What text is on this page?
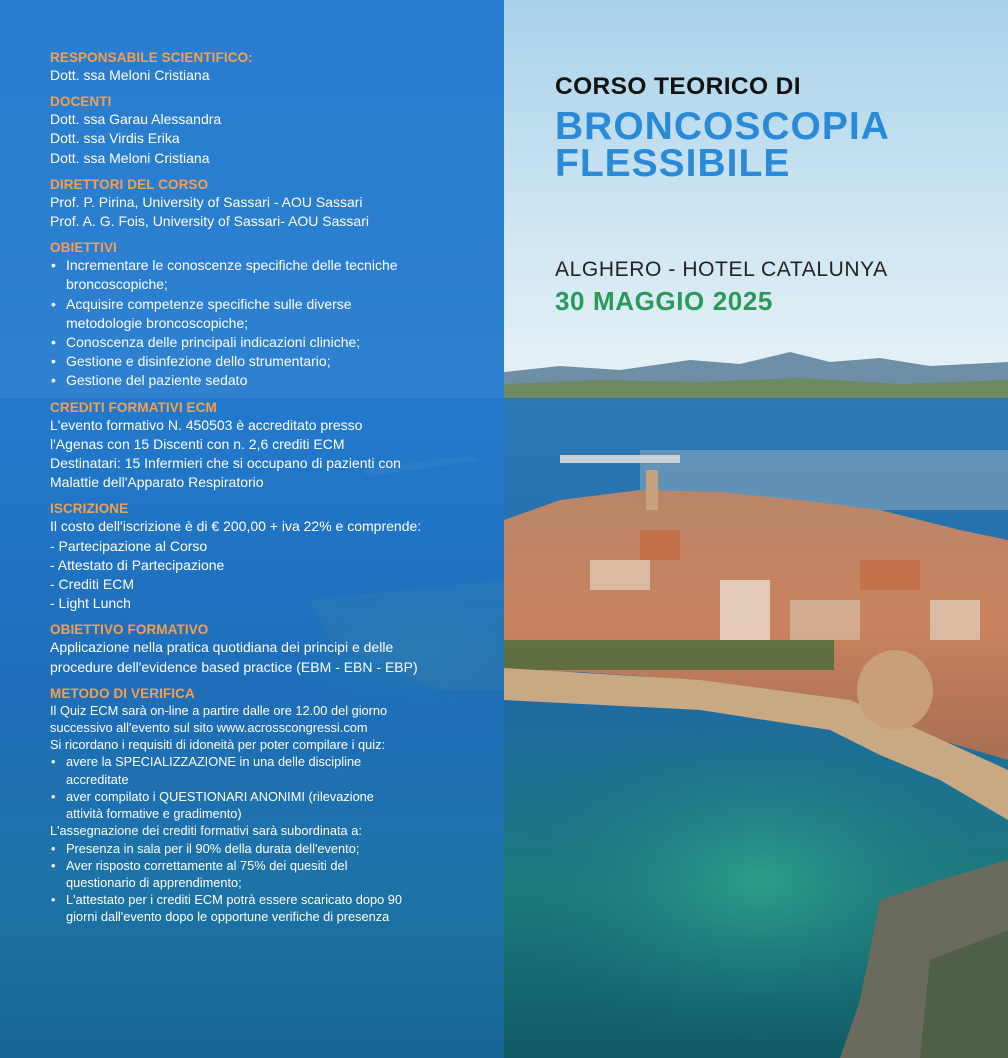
RESPONSABILE SCIENTIFICO:
Dott. ssa Meloni Cristiana
DOCENTI
Dott. ssa Garau Alessandra
Dott. ssa Virdis Erika
Dott. ssa Meloni Cristiana
DIRETTORI DEL CORSO
Prof. P. Pirina, University of Sassari - AOU Sassari
Prof. A. G. Fois, University of Sassari- AOU Sassari
OBIETTIVI
• Incrementare le conoscenze specifiche delle tecniche
broncoscopiche;
• Acquisire competenze specifiche sulle diverse
metodologie broncoscopiche;
• Conoscenza delle principali indicazioni cliniche;
• Gestione e disinfezione dello strumentario;
• Gestione del paziente sedato
CREDITI FORMATIVI ECM
L'evento formativo N. 450503 è accreditato presso
l'Agenas con 15 Discenti con n. 2,6 crediti ECM
Destinatari: 15 Infermieri che si occupano di pazienti con
Malattie dell'Apparato Respiratorio
ISCRIZIONE
Il costo dell'iscrizione è di € 200,00 + iva 22% e comprende:
- Partecipazione al Corso
- Attestato di Partecipazione
- Crediti ECM
- Light Lunch
OBIETTIVO FORMATIVO
Applicazione nella pratica quotidiana dei principi e delle
procedure dell'evidence based practice (EBM - EBN - EBP)
METODO DI VERIFICA
Il Quiz ECM sarà on-line a partire dalle ore 12.00 del giorno
successivo all'evento sul sito www.acrosscongressi.com
Si ricordano i requisiti di idoneità per poter compilare i quiz:
• avere la SPECIALIZZAZIONE in una delle discipline
accreditate
• aver compilato i QUESTIONARI ANONIMI (rilevazione
attività formative e gradimento)
L'assegnazione dei crediti formativi sarà subordinata a:
• Presenza in sala per il 90% della durata dell'evento;
• Aver risposto correttamente al 75% dei quesiti del
questionario di apprendimento;
• L'attestato per i crediti ECM potrà essere scaricato dopo 90
giorni dall'evento dopo le opportune verifiche di presenza
CORSO TEORICO DI
BRONCOSCOPIA
FLESSIBILE
ALGHERO - HOTEL CATALUNYA
30 MAGGIO 2025
